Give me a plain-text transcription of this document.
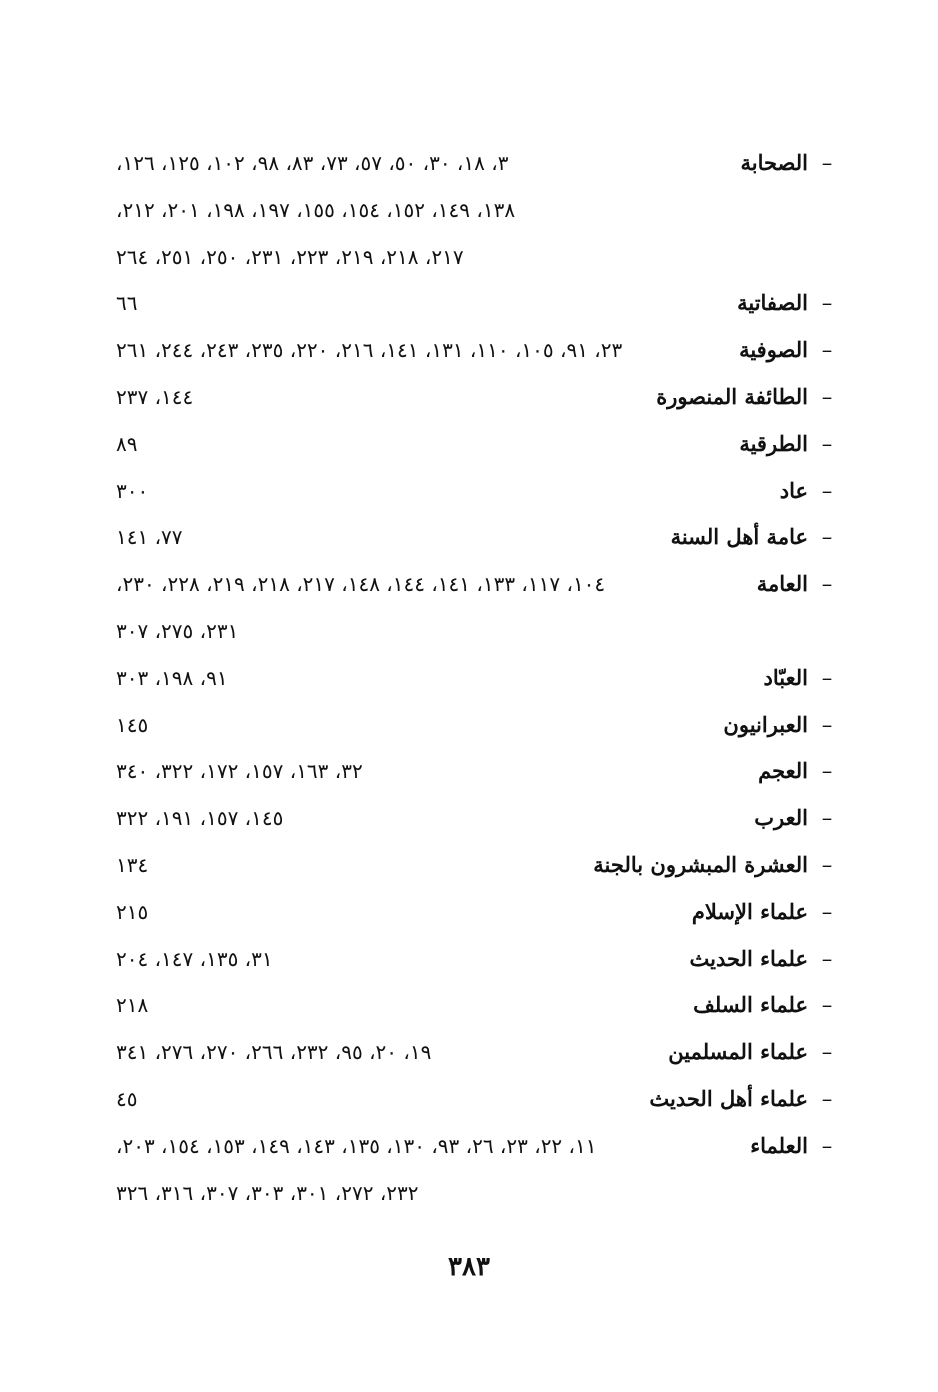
–
الصحابة
٣، ١٨، ٣٠، ٥٠، ٥٧، ٧٣، ٨٣، ٩٨، ١٠٢، ١٢٥، ١٢٦،
١٣٨، ١٤٩، ١٥٢، ١٥٤، ١٥٥، ١٩٧، ١٩٨، ٢٠١، ٢١٢،
٢١٧، ٢١٨، ٢١٩، ٢٢٣، ٢٣١، ٢٥٠، ٢٥١، ٢٦٤
–
الصفاتية
٦٦
–
الصوفية
٢٣، ٩١، ١٠٥، ١١٠، ١٣١، ١٤١، ٢١٦، ٢٢٠، ٢٣٥، ٢٤٣، ٢٤٤، ٢٦١
–
الطائفة المنصورة
١٤٤، ٢٣٧
–
الطرقية
٨٩
–
عاد
٣٠٠
–
عامة أهل السنة
٧٧، ١٤١
–
العامة
١٠٤، ١١٧، ١٣٣، ١٤١، ١٤٤، ١٤٨، ٢١٧، ٢١٨، ٢١٩، ٢٢٨، ٢٣٠،
٢٣١، ٢٧٥، ٣٠٧
–
العبّاد
٩١، ١٩٨، ٣٠٣
–
العبرانيون
١٤٥
–
العجم
٣٢، ١٦٣، ١٥٧، ١٧٢، ٣٢٢، ٣٤٠
–
العرب
١٤٥، ١٥٧، ١٩١، ٣٢٢
–
العشرة المبشرون بالجنة
١٣٤
–
علماء الإسلام
٢١٥
–
علماء الحديث
٣١، ١٣٥، ١٤٧، ٢٠٤
–
علماء السلف
٢١٨
–
علماء المسلمين
١٩، ٢٠، ٩٥، ٢٣٢، ٢٦٦، ٢٧٠، ٢٧٦، ٣٤١
–
علماء أهل الحديث
٤٥
–
العلماء
١١، ٢٢، ٢٣، ٢٦، ٩٣، ١٣٠، ١٣٥، ١٤٣، ١٤٩، ١٥٣، ١٥٤، ٢٠٣،
٢٣٢، ٢٧٢، ٣٠١، ٣٠٣، ٣٠٧، ٣١٦، ٣٢٦
٣٨٣
